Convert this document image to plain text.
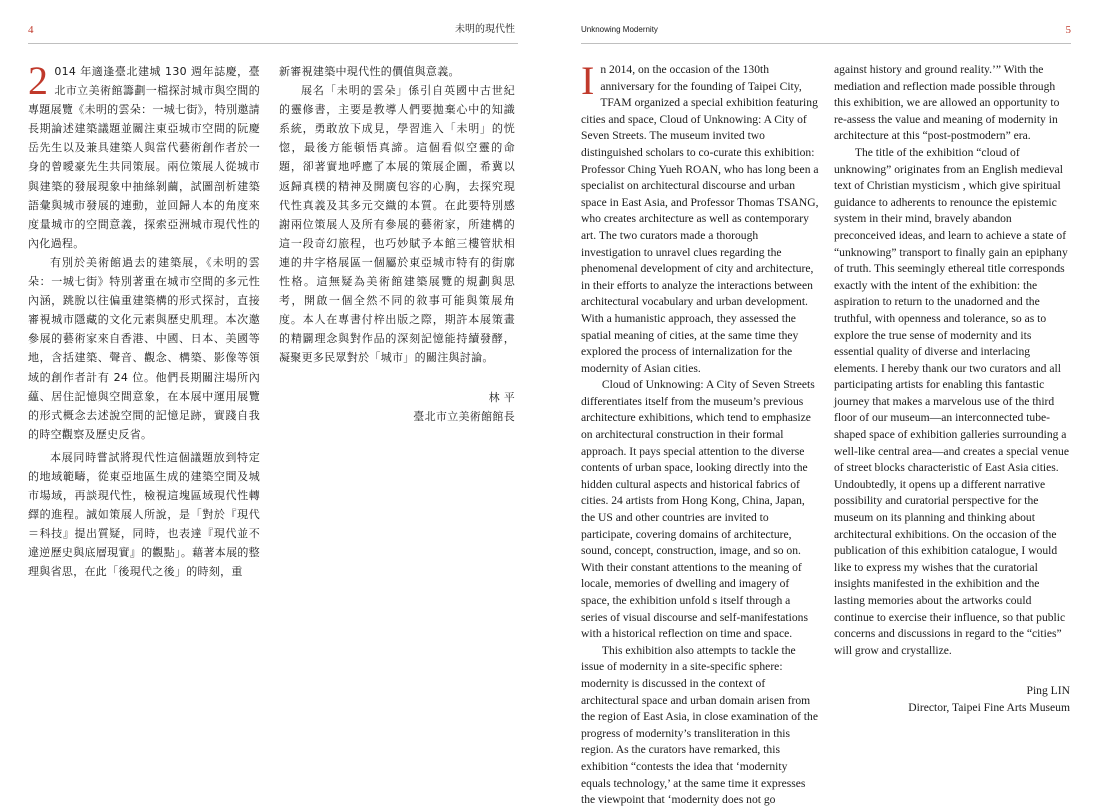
4	未明的現代性

2 014 年適逢臺北建城 130 週年誌慶，臺北市立美術館籌劃一檔探討城市與空間的專題展覽《未明的雲朵：一城七街》，特別邀請長期論述建築議題並關注東亞城市空間的阮慶岳先生以及兼具建築人與當代藝術創作者於一身的曾曖豪先生共同策展。兩位策展人從城市與建築的發展現象中抽絲剝繭，試圖剖析建築語彙與城市發展的連動，並回歸人本的角度來度量城市的空間意義，探索亞洲城市現代性的內化過程。

有別於美術館過去的建築展，《未明的雲朵：一城七街》特別著重在城市空間的多元性內涵，跳脫以往偏重建築構的形式探討，直接審視城市隱藏的文化元素與歷史肌理。本次邀參展的藝術家來自香港、中國、日本、美國等地，含括建築、聲音、觀念、構築、影像等領域的創作者計有 24 位。他們長期關注場所內蘊、居住記憶與空間意象，在本展中運用展覽的形式概念去述說空間的記憶足跡，實踐自我的時空觀察及歷史反省。

本展同時嘗試將現代性這個議題放到特定的地域範疇，從東亞地區生成的建築空間及城市場域，再談現代性，檢視這塊區域現代性轉繹的進程。誠如策展人所說，是「對於『現代＝科技』提出質疑，同時，也表達『現代並不違逆歷史與底層現實』的觀點」。藉著本展的整理與省思，在此「後現代之後」的時刻，重

新審視建築中現代性的價值與意義。

展名「未明的雲朵」係引自英國中古世紀的靈修書，主要是教導人們要拋棄心中的知識系統，勇敢放下成見，學習進入「未明」的恍惚，最後方能頓悟真諦。這個看似空靈的命題，卻著實地呼應了本展的策展企圖，希冀以返歸真樸的精神及開廣包容的心胸，去探究現代性真義及其多元交織的本質。在此要特別感謝兩位策展人及所有參展的藝術家，所建構的這一段奇幻旅程，也巧妙賦予本館三樓管狀相連的井字格展區一個屬於東亞城市特有的街廓性格。這無疑為美術館建築展覽的規劃與思考，開啟一個全然不同的敘事可能與策展角度。本人在專書付梓出版之際，期許本展策畫的精闢理念與對作品的深刻記憶能持續發酵，凝聚更多民眾對於「城市」的關注與討論。

林 平

臺北市立美術館館長

Unknowing Modernity	5

In 2014, on the occasion of the 130th anniversary for the founding of Taipei City, TFAM organized a special exhibition featuring cities and space, Cloud of Unknowing: A City of Seven Streets. The museum invited two distinguished scholars to co-curate this exhibition: Professor Ching Yueh ROAN, who has long been a specialist on architectural discourse and urban space in East Asia, and Professor Thomas TSANG, who creates architecture as well as contemporary art. The two curators made a thorough investigation to unravel clues regarding the phenomenal development of city and architecture, in their efforts to analyze the interactions between architectural vocabulary and urban development. With a humanistic approach, they assessed the spatial meaning of cities, at the same time they explored the process of internalization for the modernity of Asian cities.

Cloud of Unknowing: A City of Seven Streets differentiates itself from the museum’s previous architecture exhibitions, which tend to emphasize on architectural construction in their formal approach. It pays special attention to the diverse contents of urban space, looking directly into the hidden cultural aspects and historical fabrics of cities. 24 artists from Hong Kong, China, Japan, the US and other countries are invited to participate, covering domains of architecture, sound, concept, construction, image, and so on. With their constant attentions to the meaning of locale, memories of dwelling and imagery of space, the exhibition unfold s itself through a series of visual discourse and self-manifestations with a historical reflection on time and space.

This exhibition also attempts to tackle the issue of modernity in a site-specific sphere: modernity is discussed in the context of architectural space and urban domain arisen from the region of East Asia, in close examination of the progress of modernity’s transliteration in this region. As the curators have remarked, this exhibition “contests the idea that ‘modernity equals technology,’ at the same time it expresses the viewpoint that ‘modernity does not go

against history and ground reality.’” With the mediation and reflection made possible through this exhibition, we are allowed an opportunity to re-assess the value and meaning of modernity in architecture at this “post-postmodern” era.

The title of the exhibition “cloud of unknowing” originates from an English medieval text of Christian mysticism , which give spiritual guidance to adherents to renounce the epistemic system in their mind, bravely abandon preconceived ideas, and learn to achieve a state of “unknowing” transport to finally gain an epiphany of truth. This seemingly ethereal title corresponds exactly with the intent of the exhibition: the aspiration to return to the unadorned and the truthful, with openness and tolerance, so as to explore the true sense of modernity and its essential quality of diverse and interlacing elements. I hereby thank our two curators and all participating artists for enabling this fantastic journey that makes a marvelous use of the third floor of our museum—an interconnected tube-shaped space of exhibition galleries surrounding a well-like central area—and creates a special venue of street blocks characteristic of East Asia cities. Undoubtedly, it opens up a different narrative possibility and curatorial perspective for the museum on its planning and thinking about architectural exhibitions. On the occasion of the publication of this exhibition catalogue, I would like to express my wishes that the curatorial insights manifested in the exhibition and the lasting memories about the artworks could continue to exercise their influence, so that public concerns and discussions in regard to the “cities” will grow and crystallize.

Ping LIN

Director, Taipei Fine Arts Museum
